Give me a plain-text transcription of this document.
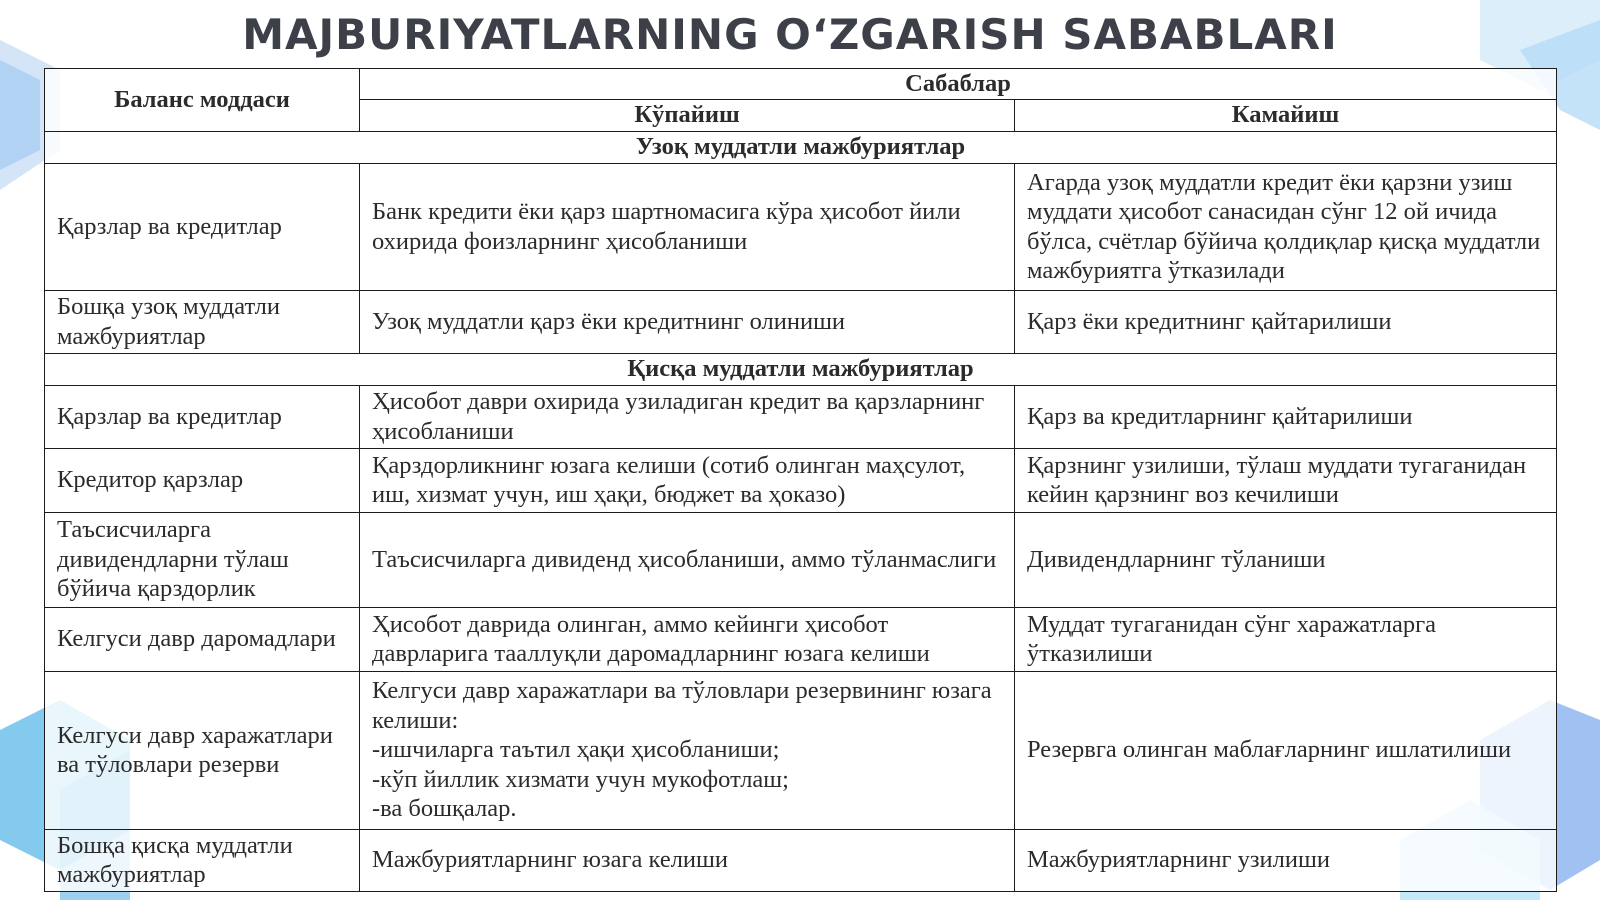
MAJBURIYATLARNING O‘ZGARISH SABABLARI
Баланс моддаси	Сабаблар	
	Кўпайиш	Камайиш
Узоқ муддатли мажбуриятлар		
Қарзлар ва кредитлар	Банк кредити ёки қарз шартномасига кўра ҳисобот йили охирида фоизларнинг ҳисобланиши	Агарда узоқ муддатли кредит ёки қарзни узиш муддати ҳисобот санасидан сўнг 12 ой ичида бўлса, счётлар бўйича қолдиқлар қисқа муддатли мажбуриятга ўтказилади
Бошқа узоқ муддатли мажбуриятлар	Узоқ муддатли қарз ёки кредитнинг олиниши	Қарз ёки кредитнинг қайтарилиши
Қисқа муддатли мажбуриятлар		
Қарзлар ва кредитлар	Ҳисобот даври охирида узиладиган кредит ва қарзларнинг ҳисобланиши	Қарз ва кредитларнинг қайтарилиши
Кредитор қарзлар	Қарздорликнинг юзага келиши (сотиб олинган маҳсулот, иш, хизмат учун, иш ҳақи, бюджет ва ҳоказо)	Қарзнинг узилиши, тўлаш муддати тугаганидан кейин қарзнинг воз кечилиши
Таъсисчиларга дивидендларни тўлаш бўйича қарздорлик	Таъсисчиларга дивиденд ҳисобланиши, аммо тўланмаслиги	Дивидендларнинг тўланиши
Келгуси давр даромадлари	Ҳисобот даврида олинган, аммо кейинги ҳисобот даврларига тааллуқли даромадларнинг юзага келиши	Муддат тугаганидан сўнг харажатларга ўтказилиши
Келгуси давр харажатлари ва тўловлари резерви	Келгуси давр харажатлари ва тўловлари резервининг юзага келиши:
-ишчиларга таътил ҳақи ҳисобланиши;
-кўп йиллик хизмати учун мукофотлаш;
-ва бошқалар.	Резервга олинган маблағларнинг ишлатилиши
Бошқа қисқа муддатли мажбуриятлар	Мажбуриятларнинг юзага келиши	Мажбуриятларнинг узилиши
